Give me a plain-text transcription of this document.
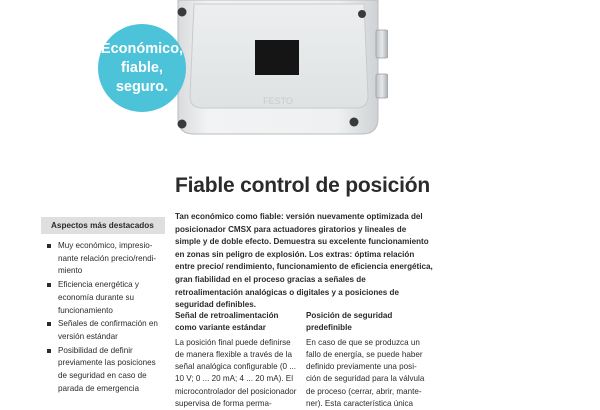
FESTO
Económico,
fiable,
seguro.
Fiable control de posición
Aspectos más destacados
Muy económico, impresionante relación precio/rendimiento
Eficiencia energética y economía durante su funcionamiento
Señales de confirmación en versión estándar
Posibilidad de definir previamente las posiciones de seguridad en caso de parada de emergencia
Tan económico como fiable: versión nuevamente optimizada del posicionador CMSX para actuadores giratorios y lineales de simple y de doble efecto. Demuestra su excelente funcionamiento en zonas sin peligro de explosión. Los extras: óptima relación entre precio/ rendimiento, funcionamiento de eficiencia energética, gran fiabilidad en el proceso gracias a señales de retroalimentación analógicas o digitales y a posiciones de seguridad definibles.
Señal de retroalimentación como variante estándar
La posición final puede definirse de manera flexible a través de la señal analógica configurable (0 ... 10 V; 0 ... 20 mA; 4 ... 20 mA). El microcontrolador del posicionador supervisa de forma perma-
Posición de seguridad predefinible
En caso de que se produzca un fallo de energía, se puede haber definido previamente una posición de seguridad para la válvula de proceso (cerrar, abrir, mantener). Esta característica única
